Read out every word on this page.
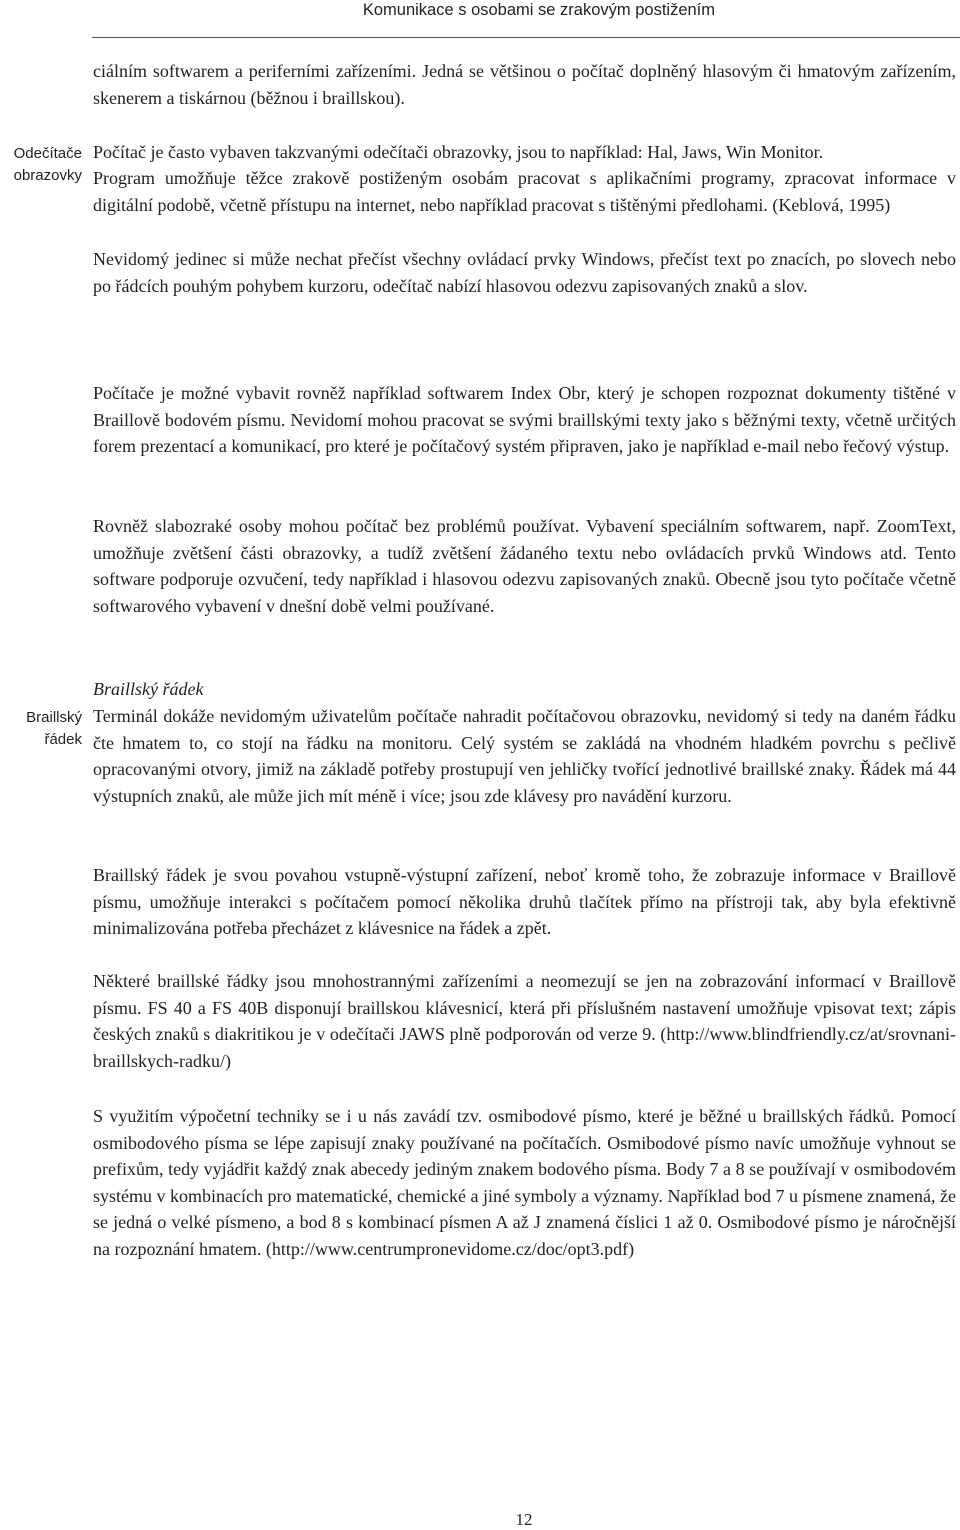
Komunikace s osobami se zrakovým postižením
Odečítače
obrazovky
Braillský
řádek

ciálním softwarem a periferními zařízeními. Jedná se většinou o počítač doplněný hlasovým či hmatovým zařízením, skenerem a tiskárnou (běžnou i braillskou).

Počítač je často vybaven takzvanými odečítači obrazovky, jsou to například: Hal, Jaws, Win Monitor.

Program umožňuje těžce zrakově postiženým osobám pracovat s aplikačními programy, zpracovat informace v digitální podobě, včetně přístupu na internet, nebo například pracovat s tištěnými předlohami. (Keblová, 1995)

Nevidomý jedinec si může nechat přečíst všechny ovládací prvky Windows, přečíst text po znacích, po slovech nebo po řádcích pouhým pohybem kurzoru, odečítač nabízí hlasovou odezvu zapisovaných znaků a slov.

Počítače je možné vybavit rovněž například softwarem Index Obr, který je schopen rozpoznat dokumenty tištěné v Braillově bodovém písmu. Nevidomí mohou pracovat se svými braillskými texty jako s běžnými texty, včetně určitých forem prezentací a komunikací, pro které je počítačový systém připraven, jako je například e-mail nebo řečový výstup.

Rovněž slabozraké osoby mohou počítač bez problémů používat. Vybavení speciálním softwarem, např. ZoomText, umožňuje zvětšení části obrazovky, a tudíž zvětšení žádaného textu nebo ovládacích prvků Windows atd. Tento software podporuje ozvučení, tedy například i hlasovou odezvu zapisovaných znaků. Obecně jsou tyto počítače včetně softwarového vybavení v dnešní době velmi používané.

Braillský řádek

Terminál dokáže nevidomým uživatelům počítače nahradit počítačovou obrazovku, nevidomý si tedy na daném řádku čte hmatem to, co stojí na řádku na monitoru. Celý systém se zakládá na vhodném hladkém povrchu s pečlivě opracovanými otvory, jimiž na základě potřeby prostupují ven jehličky tvořící jednotlivé braillské znaky. Řádek má 44 výstupních znaků, ale může jich mít méně i více; jsou zde klávesy pro navádění kurzoru.

Braillský řádek je svou povahou vstupně-výstupní zařízení, neboť kromě toho, že zobrazuje informace v Braillově písmu, umožňuje interakci s počítačem pomocí několika druhů tlačítek přímo na přístroji tak, aby byla efektivně minimalizována potřeba přecházet z klávesnice na řádek a zpět.

Některé braillské řádky jsou mnohostrannými zařízeními a neomezují se jen na zobrazování informací v Braillově písmu. FS 40 a FS 40B disponují braillskou klávesnicí, která při příslušném nastavení umožňuje vpisovat text; zápis českých znaků s diakritikou je v odečítači JAWS plně podporován od verze 9. (http://www.blindfriendly.cz/at/srovnani-braillskych-radku/)

S využitím výpočetní techniky se i u nás zavádí tzv. osmibodové písmo, které je běžné u braillských řádků. Pomocí osmibodového písma se lépe zapisují znaky používané na počítačích. Osmibodové písmo navíc umožňuje vyhnout se prefixům, tedy vyjádřit každý znak abecedy jediným znakem bodového písma. Body 7 a 8 se používají v osmibodovém systému v kombinacích pro matematické, chemické a jiné symboly a významy. Například bod 7 u písmene znamená, že se jedná o velké písmeno, a bod 8 s kombinací písmen A až J znamená číslici 1 až 0. Osmibodové písmo je náročnější na rozpoznání hmatem. (http://www.centrumpronevidome.cz/doc/opt3.pdf)

12
